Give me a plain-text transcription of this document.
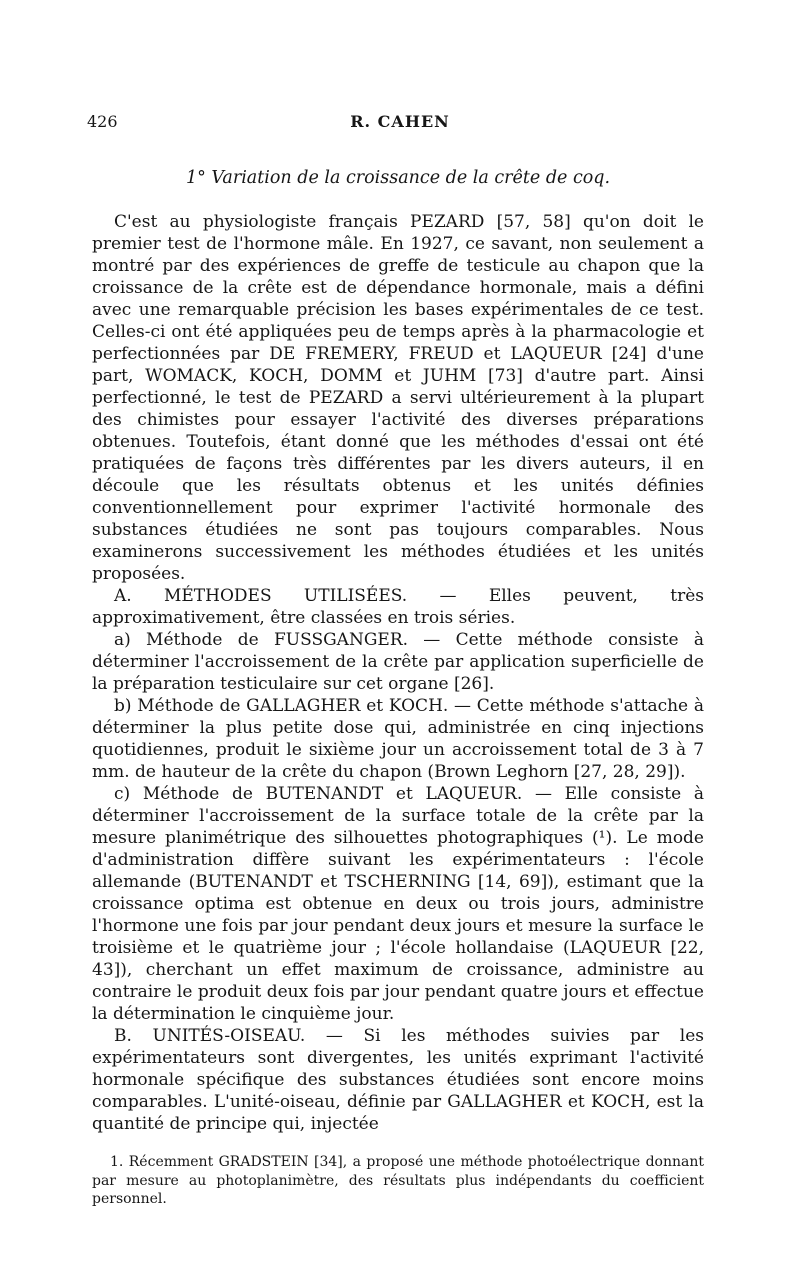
426	R. CAHEN
1° Variation de la croissance de la crête de coq.

C'est au physiologiste français PEZARD [57, 58] qu'on doit le premier test de l'hormone mâle. En 1927, ce savant, non seulement a montré par des expériences de greffe de testicule au chapon que la croissance de la crête est de dépendance hormonale, mais a défini avec une remarquable précision les bases expérimentales de ce test. Celles-ci ont été appliquées peu de temps après à la pharmacologie et perfectionnées par DE FREMERY, FREUD et LAQUEUR [24] d'une part, WOMACK, KOCH, DOMM et JUHM [73] d'autre part. Ainsi perfectionné, le test de PEZARD a servi ultérieurement à la plupart des chimistes pour essayer l'activité des diverses préparations obtenues. Toutefois, étant donné que les méthodes d'essai ont été pratiquées de façons très différentes par les divers auteurs, il en découle que les résultats obtenus et les unités définies conventionnellement pour exprimer l'activité hormonale des substances étudiées ne sont pas toujours comparables. Nous examinerons successivement les méthodes étudiées et les unités proposées.

A. MÉTHODES UTILISÉES. — Elles peuvent, très approximativement, être classées en trois séries.

a) Méthode de FUSSGANGER. — Cette méthode consiste à déterminer l'accroissement de la crête par application superficielle de la préparation testiculaire sur cet organe [26].

b) Méthode de GALLAGHER et KOCH. — Cette méthode s'attache à déterminer la plus petite dose qui, administrée en cinq injections quotidiennes, produit le sixième jour un accroissement total de 3 à 7 mm. de hauteur de la crête du chapon (Brown Leghorn [27, 28, 29]).

c) Méthode de BUTENANDT et LAQUEUR. — Elle consiste à déterminer l'accroissement de la surface totale de la crête par la mesure planimétrique des silhouettes photographiques (¹). Le mode d'administration diffère suivant les expérimentateurs : l'école allemande (BUTENANDT et TSCHERNING [14, 69]), estimant que la croissance optima est obtenue en deux ou trois jours, administre l'hormone une fois par jour pendant deux jours et mesure la surface le troisième et le quatrième jour ; l'école hollandaise (LAQUEUR [22, 43]), cherchant un effet maximum de croissance, administre au contraire le produit deux fois par jour pendant quatre jours et effectue la détermination le cinquième jour.

B. UNITÉS-OISEAU. — Si les méthodes suivies par les expérimentateurs sont divergentes, les unités exprimant l'activité hormonale spécifique des substances étudiées sont encore moins comparables. L'unité-oiseau, définie par GALLAGHER et KOCH, est la quantité de principe qui, injectée

1. Récemment GRADSTEIN [34], a proposé une méthode photoélectrique donnant par mesure au photoplanimètre, des résultats plus indépendants du coefficient personnel.
